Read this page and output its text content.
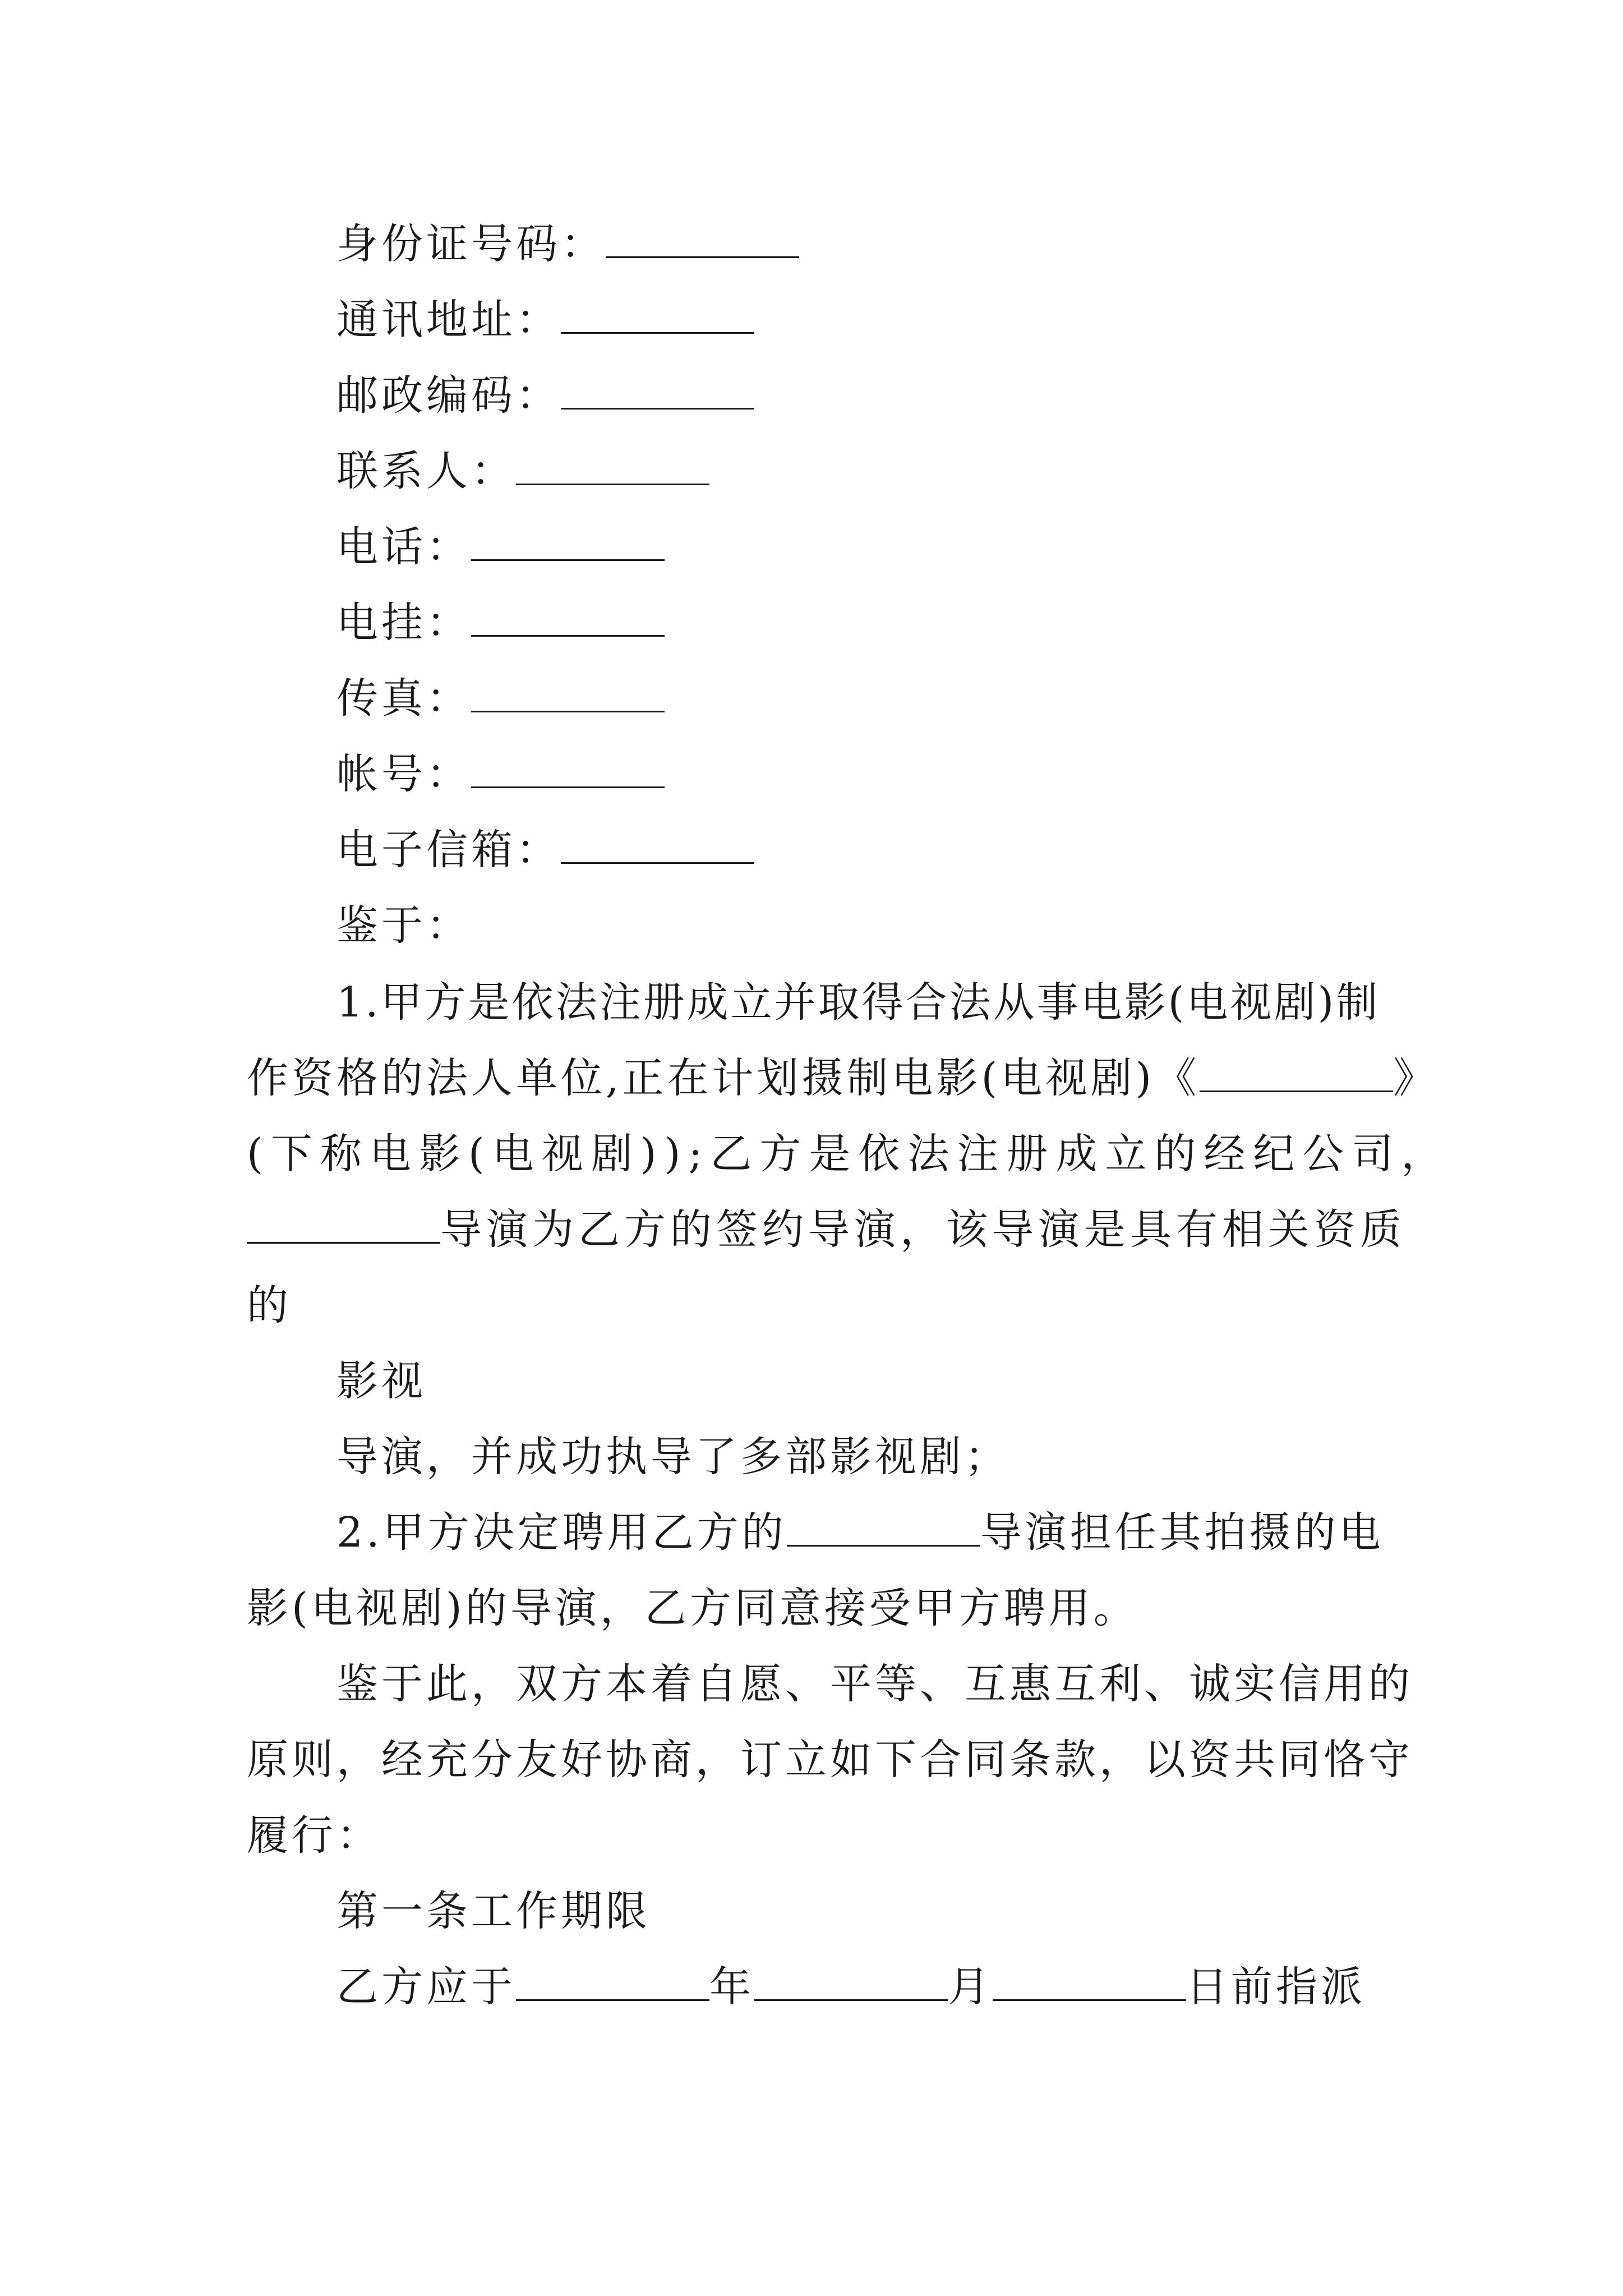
身份证号码：
通讯地址：
邮政编码：
联系人：
电话：
电挂：
传真：
帐号：
电子信箱：
鉴于：
1.甲方是依法注册成立并取得合法从事电影(电视剧)制
作资格的法人单位,正在计划摄制电影(电视剧)《	》
(下称电影(电视剧));乙方是依法注册成立的经纪公司，
导演为乙方的签约导演，该导演是具有相关资质
的
影视
导演，并成功执导了多部影视剧；
2.甲方决定聘用乙方的	导演担任其拍摄的电
影(电视剧)的导演，乙方同意接受甲方聘用。
鉴于此，双方本着自愿、平等、互惠互利、诚实信用的
原则，经充分友好协商，订立如下合同条款，以资共同恪守
履行：
第一条工作期限
乙方应于	年	月	日前指派
